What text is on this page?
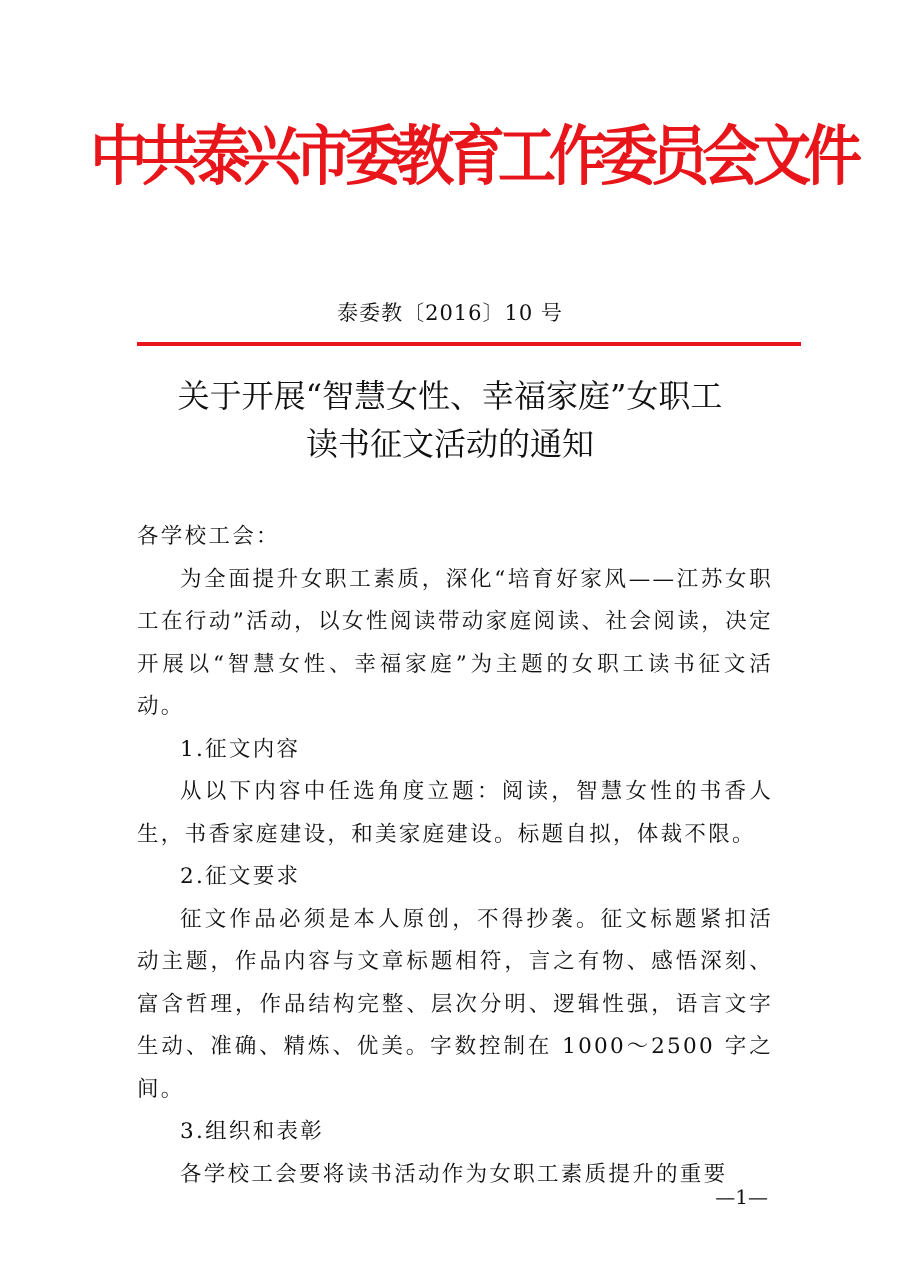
中共泰兴市委教育工作委员会文件
泰委教〔2016〕10 号
关于开展“智慧女性、幸福家庭”女职工
读书征文活动的通知

各学校工会：

为全面提升女职工素质，深化“培育好家风——江苏女职工在行动”活动，以女性阅读带动家庭阅读、社会阅读，决定开展以“智慧女性、幸福家庭”为主题的女职工读书征文活动。

1.征文内容

从以下内容中任选角度立题：阅读，智慧女性的书香人生，书香家庭建设，和美家庭建设。标题自拟，体裁不限。

2.征文要求

征文作品必须是本人原创，不得抄袭。征文标题紧扣活动主题，作品内容与文章标题相符，言之有物、感悟深刻、富含哲理，作品结构完整、层次分明、逻辑性强，语言文字生动、准确、精炼、优美。字数控制在 1000～2500 字之间。

3.组织和表彰

各学校工会要将读书活动作为女职工素质提升的重要

—1—
